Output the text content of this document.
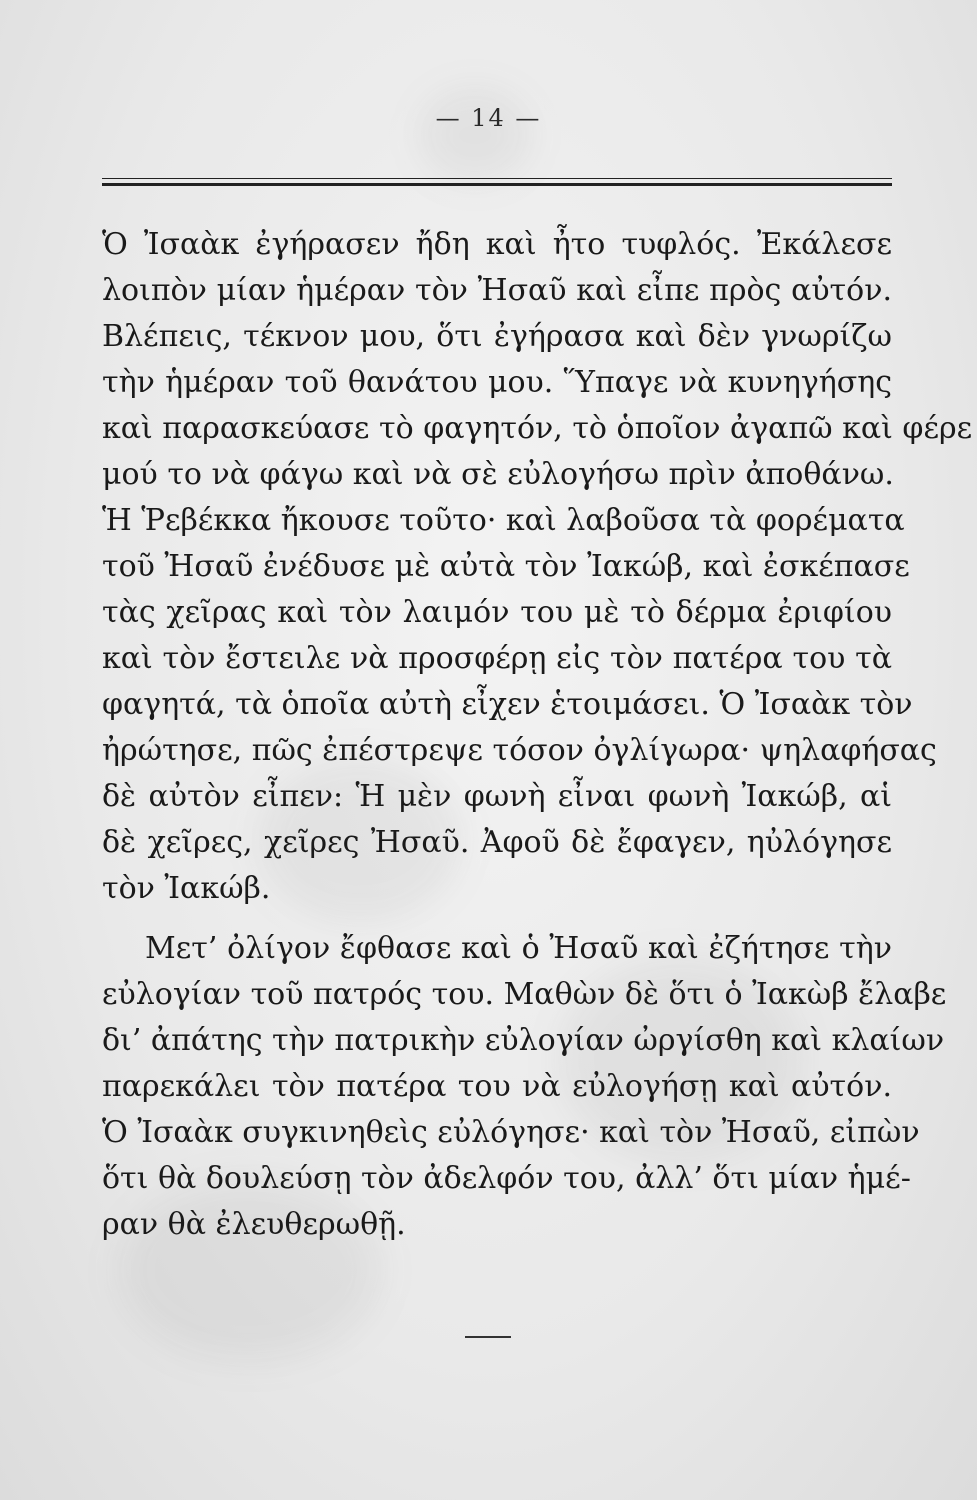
— 14 —
Ὁ Ἰσαὰκ ἐγήρασεν ἤδη καὶ ἦτο τυφλός. Ἐκάλεσε
λοιπὸν μίαν ἡμέραν τὸν Ἠσαῦ καὶ εἶπε πρὸς αὐτόν.
Βλέπεις, τέκνον μου, ὅτι ἐγήρασα καὶ δὲν γνωρίζω
τὴν ἡμέραν τοῦ θανάτου μου. Ὕπαγε νὰ κυνηγήσης
καὶ παρασκεύασε τὸ φαγητόν, τὸ ὁποῖον ἀγαπῶ καὶ φέρε
μού το νὰ φάγω καὶ νὰ σὲ εὐλογήσω πρὶν ἀποθάνω.
Ἡ Ῥεβέκκα ἤκουσε τοῦτο· καὶ λαβοῦσα τὰ φορέματα
τοῦ Ἠσαῦ ἐνέδυσε μὲ αὐτὰ τὸν Ἰακώβ, καὶ ἐσκέπασε
τὰς χεῖρας καὶ τὸν λαιμόν του μὲ τὸ δέρμα ἐριφίου
καὶ τὸν ἔστειλε νὰ προσφέρῃ εἰς τὸν πατέρα του τὰ
φαγητά, τὰ ὁποῖα αὐτὴ εἶχεν ἑτοιμάσει. Ὁ Ἰσαὰκ τὸν
ἠρώτησε, πῶς ἐπέστρεψε τόσον ὀγλίγωρα· ψηλαφήσας
δὲ αὐτὸν εἶπεν: Ἡ μὲν φωνὴ εἶναι φωνὴ Ἰακώβ, αἱ
δὲ χεῖρες, χεῖρες Ἠσαῦ. Ἀφοῦ δὲ ἔφαγεν, ηὐλόγησε
τὸν Ἰακώβ.
Μετ’ ὀλίγον ἔφθασε καὶ ὁ Ἠσαῦ καὶ ἐζήτησε τὴν
εὐλογίαν τοῦ πατρός του. Μαθὼν δὲ ὅτι ὁ Ἰακὼβ ἔλαβε
δι’ ἀπάτης τὴν πατρικὴν εὐλογίαν ὠργίσθη καὶ κλαίων
παρεκάλει τὸν πατέρα του νὰ εὐλογήσῃ καὶ αὐτόν.
Ὁ Ἰσαὰκ συγκινηθεὶς εὐλόγησε· καὶ τὸν Ἠσαῦ, εἰπὼν
ὅτι θὰ δουλεύσῃ τὸν ἀδελφόν του, ἀλλ’ ὅτι μίαν ἡμέ-
ραν θὰ ἐλευθερωθῇ.
